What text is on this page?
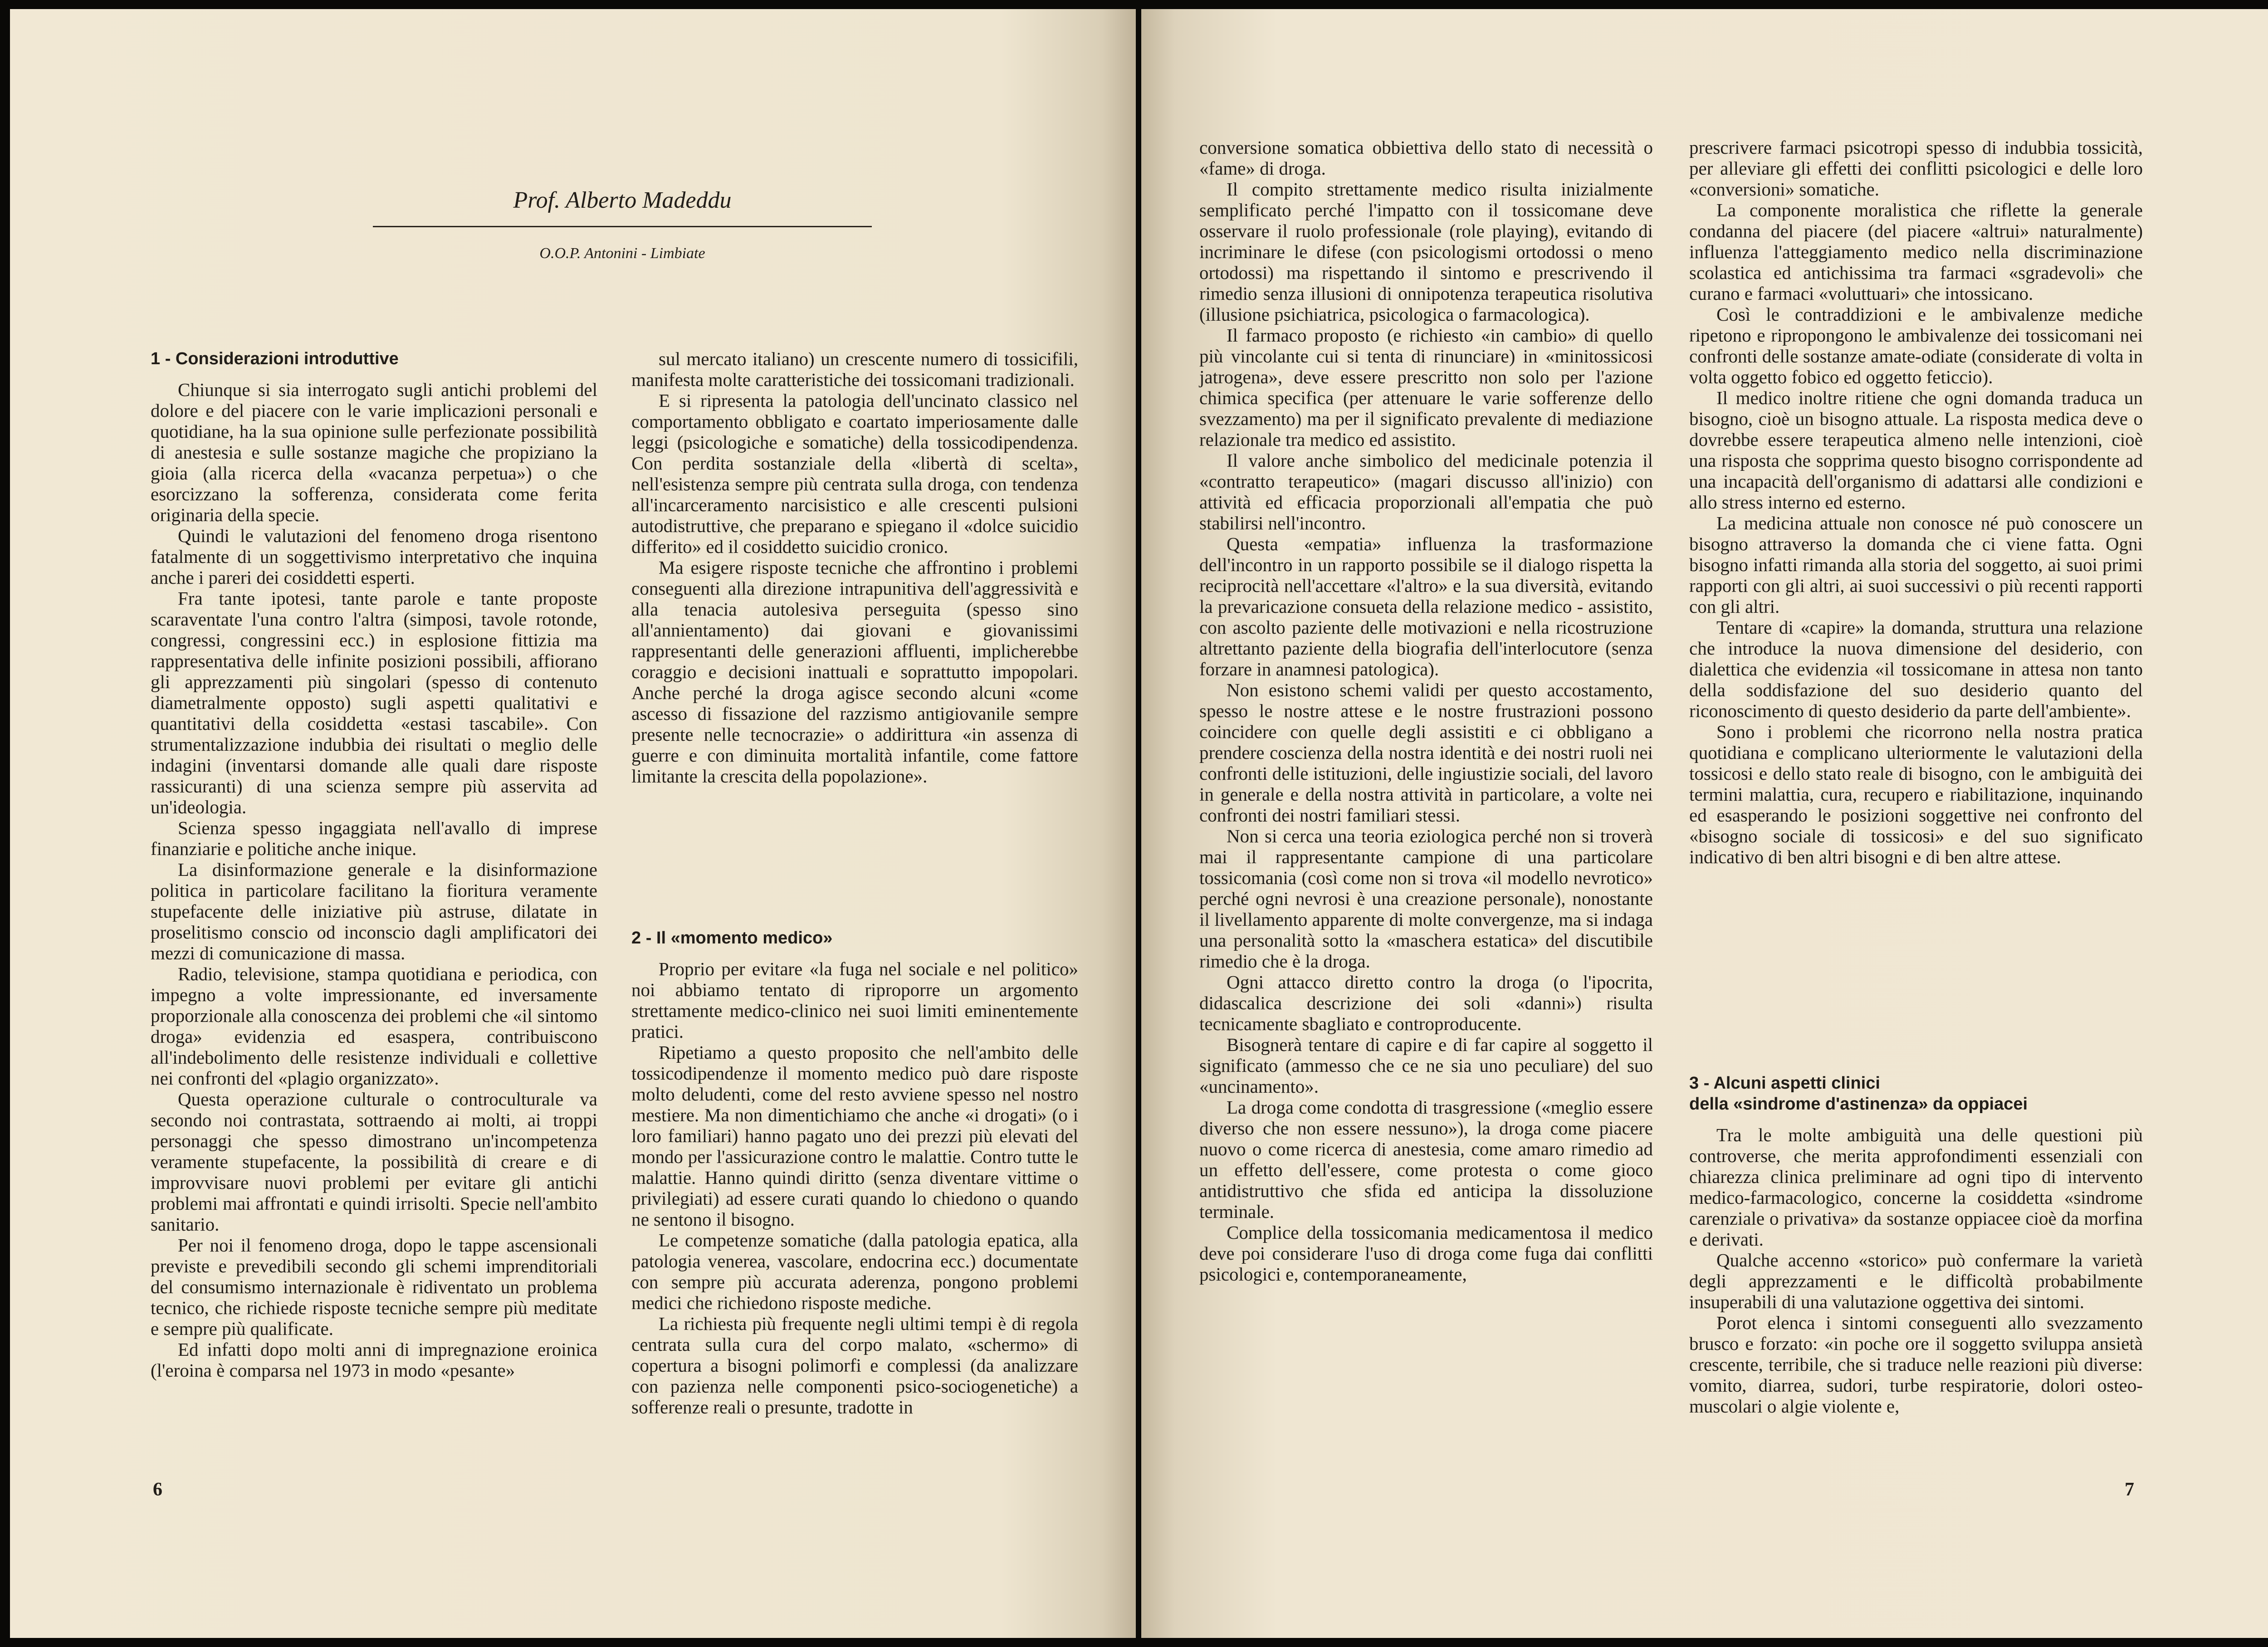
Prof. Alberto Madeddu
O.O.P. Antonini - Limbiate
1 - Considerazioni introduttive

Chiunque si sia interrogato sugli antichi problemi del dolore e del piacere con le varie implicazioni personali e quotidiane, ha la sua opinione sulle perfezionate possibilità di anestesia e sulle sostanze magiche che propiziano la gioia (alla ricerca della «vacanza perpetua») o che esorcizzano la sofferenza, considerata come ferita originaria della specie.

Quindi le valutazioni del fenomeno droga risentono fatalmente di un soggettivismo interpretativo che inquina anche i pareri dei cosiddetti esperti.

Fra tante ipotesi, tante parole e tante proposte scaraventate l'una contro l'altra (simposi, tavole rotonde, congressi, congressini ecc.) in esplosione fittizia ma rappresentativa delle infinite posizioni possibili, affiorano gli apprezzamenti più singolari (spesso di contenuto diametralmente opposto) sugli aspetti qualitativi e quantitativi della cosiddetta «estasi tascabile». Con strumentalizzazione indubbia dei risultati o meglio delle indagini (inventarsi domande alle quali dare risposte rassicuranti) di una scienza sempre più asservita ad un'ideologia.

Scienza spesso ingaggiata nell'avallo di imprese finanziarie e politiche anche inique.

La disinformazione generale e la disinformazione politica in particolare facilitano la fioritura veramente stupefacente delle iniziative più astruse, dilatate in proselitismo conscio od inconscio dagli amplificatori dei mezzi di comunicazione di massa.

Radio, televisione, stampa quotidiana e periodica, con impegno a volte impressionante, ed inversamente proporzionale alla conoscenza dei problemi che «il sintomo droga» evidenzia ed esaspera, contribuiscono all'indebolimento delle resistenze individuali e collettive nei confronti del «plagio organizzato».

Questa operazione culturale o controculturale va secondo noi contrastata, sottraendo ai molti, ai troppi personaggi che spesso dimostrano un'incompetenza veramente stupefacente, la possibilità di creare e di improvvisare nuovi problemi per evitare gli antichi problemi mai affrontati e quindi irrisolti. Specie nell'ambito sanitario.

Per noi il fenomeno droga, dopo le tappe ascensionali previste e prevedibili secondo gli schemi imprenditoriali del consumismo internazionale è ridiventato un problema tecnico, che richiede risposte tecniche sempre più meditate e sempre più qualificate.

Ed infatti dopo molti anni di impregnazione eroinica (l'eroina è comparsa nel 1973 in modo «pesante»

sul mercato italiano) un crescente numero di tossicifili, manifesta molte caratteristiche dei tossicomani tradizionali.

E si ripresenta la patologia dell'uncinato classico nel comportamento obbligato e coartato imperiosamente dalle leggi (psicologiche e somatiche) della tossicodipendenza. Con perdita sostanziale della «libertà di scelta», nell'esistenza sempre più centrata sulla droga, con tendenza all'incarceramento narcisistico e alle crescenti pulsioni autodistruttive, che preparano e spiegano il «dolce suicidio differito» ed il cosiddetto suicidio cronico.

Ma esigere risposte tecniche che affrontino i problemi conseguenti alla direzione intrapunitiva dell'aggressività e alla tenacia autolesiva perseguita (spesso sino all'annientamento) dai giovani e giovanissimi rappresentanti delle generazioni affluenti, implicherebbe coraggio e decisioni inattuali e soprattutto impopolari. Anche perché la droga agisce secondo alcuni «come ascesso di fissazione del razzismo antigiovanile sempre presente nelle tecnocrazie» o addirittura «in assenza di guerre e con diminuita mortalità infantile, come fattore limitante la crescita della popolazione».

2 - Il «momento medico»

Proprio per evitare «la fuga nel sociale e nel politico» noi abbiamo tentato di riproporre un argomento strettamente medico-clinico nei suoi limiti eminentemente pratici.

Ripetiamo a questo proposito che nell'ambito delle tossicodipendenze il momento medico può dare risposte molto deludenti, come del resto avviene spesso nel nostro mestiere. Ma non dimentichiamo che anche «i drogati» (o i loro familiari) hanno pagato uno dei prezzi più elevati del mondo per l'assicurazione contro le malattie. Contro tutte le malattie. Hanno quindi diritto (senza diventare vittime o privilegiati) ad essere curati quando lo chiedono o quando ne sentono il bisogno.

Le competenze somatiche (dalla patologia epatica, alla patologia venerea, vascolare, endocrina ecc.) documentate con sempre più accurata aderenza, pongono problemi medici che richiedono risposte mediche.

La richiesta più frequente negli ultimi tempi è di regola centrata sulla cura del corpo malato, «schermo» di copertura a bisogni polimorfi e complessi (da analizzare con pazienza nelle componenti psico-sociogenetiche) a sofferenze reali o presunte, tradotte in

6

conversione somatica obbiettiva dello stato di necessità o «fame» di droga.

Il compito strettamente medico risulta inizialmente semplificato perché l'impatto con il tossicomane deve osservare il ruolo professionale (role playing), evitando di incriminare le difese (con psicologismi ortodossi o meno ortodossi) ma rispettando il sintomo e prescrivendo il rimedio senza illusioni di onnipotenza terapeutica risolutiva (illusione psichiatrica, psicologica o farmacologica).

Il farmaco proposto (e richiesto «in cambio» di quello più vincolante cui si tenta di rinunciare) in «minitossicosi jatrogena», deve essere prescritto non solo per l'azione chimica specifica (per attenuare le varie sofferenze dello svezzamento) ma per il significato prevalente di mediazione relazionale tra medico ed assistito.

Il valore anche simbolico del medicinale potenzia il «contratto terapeutico» (magari discusso all'inizio) con attività ed efficacia proporzionali all'empatia che può stabilirsi nell'incontro.

Questa «empatia» influenza la trasformazione dell'incontro in un rapporto possibile se il dialogo rispetta la reciprocità nell'accettare «l'altro» e la sua diversità, evitando la prevaricazione consueta della relazione medico - assistito, con ascolto paziente delle motivazioni e nella ricostruzione altrettanto paziente della biografia dell'interlocutore (senza forzare in anamnesi patologica).

Non esistono schemi validi per questo accostamento, spesso le nostre attese e le nostre frustrazioni possono coincidere con quelle degli assistiti e ci obbligano a prendere coscienza della nostra identità e dei nostri ruoli nei confronti delle istituzioni, delle ingiustizie sociali, del lavoro in generale e della nostra attività in particolare, a volte nei confronti dei nostri familiari stessi.

Non si cerca una teoria eziologica perché non si troverà mai il rappresentante campione di una particolare tossicomania (così come non si trova «il modello nevrotico» perché ogni nevrosi è una creazione personale), nonostante il livellamento apparente di molte convergenze, ma si indaga una personalità sotto la «maschera estatica» del discutibile rimedio che è la droga.

Ogni attacco diretto contro la droga (o l'ipocrita, didascalica descrizione dei soli «danni») risulta tecnicamente sbagliato e controproducente.

Bisognerà tentare di capire e di far capire al soggetto il significato (ammesso che ce ne sia uno peculiare) del suo «uncinamento».

La droga come condotta di trasgressione («meglio essere diverso che non essere nessuno»), la droga come piacere nuovo o come ricerca di anestesia, come amaro rimedio ad un effetto dell'essere, come protesta o come gioco antidistruttivo che sfida ed anticipa la dissoluzione terminale.

Complice della tossicomania medicamentosa il medico deve poi considerare l'uso di droga come fuga dai conflitti psicologici e, contemporaneamente,

prescrivere farmaci psicotropi spesso di indubbia tossicità, per alleviare gli effetti dei conflitti psicologici e delle loro «conversioni» somatiche.

La componente moralistica che riflette la generale condanna del piacere (del piacere «altrui» naturalmente) influenza l'atteggiamento medico nella discriminazione scolastica ed antichissima tra farmaci «sgradevoli» che curano e farmaci «voluttuari» che intossicano.

Così le contraddizioni e le ambivalenze mediche ripetono e ripropongono le ambivalenze dei tossicomani nei confronti delle sostanze amate-odiate (considerate di volta in volta oggetto fobico ed oggetto feticcio).

Il medico inoltre ritiene che ogni domanda traduca un bisogno, cioè un bisogno attuale. La risposta medica deve o dovrebbe essere terapeutica almeno nelle intenzioni, cioè una risposta che sopprima questo bisogno corrispondente ad una incapacità dell'organismo di adattarsi alle condizioni e allo stress interno ed esterno.

La medicina attuale non conosce né può conoscere un bisogno attraverso la domanda che ci viene fatta. Ogni bisogno infatti rimanda alla storia del soggetto, ai suoi primi rapporti con gli altri, ai suoi successivi o più recenti rapporti con gli altri.

Tentare di «capire» la domanda, struttura una relazione che introduce la nuova dimensione del desiderio, con dialettica che evidenzia «il tossicomane in attesa non tanto della soddisfazione del suo desiderio quanto del riconoscimento di questo desiderio da parte dell'ambiente».

Sono i problemi che ricorrono nella nostra pratica quotidiana e complicano ulteriormente le valutazioni della tossicosi e dello stato reale di bisogno, con le ambiguità dei termini malattia, cura, recupero e riabilitazione, inquinando ed esasperando le posizioni soggettive nei confronto del «bisogno sociale di tossicosi» e del suo significato indicativo di ben altri bisogni e di ben altre attese.

3 - Alcuni aspetti clinici
della «sindrome d'astinenza» da oppiacei

Tra le molte ambiguità una delle questioni più controverse, che merita approfondimenti essenziali con chiarezza clinica preliminare ad ogni tipo di intervento medico-farmacologico, concerne la cosiddetta «sindrome carenziale o privativa» da sostanze oppiacee cioè da morfina e derivati.

Qualche accenno «storico» può confermare la varietà degli apprezzamenti e le difficoltà probabilmente insuperabili di una valutazione oggettiva dei sintomi.

Porot elenca i sintomi conseguenti allo svezzamento brusco e forzato: «in poche ore il soggetto sviluppa ansietà crescente, terribile, che si traduce nelle reazioni più diverse: vomito, diarrea, sudori, turbe respiratorie, dolori osteo-muscolari o algie violente e,

7
